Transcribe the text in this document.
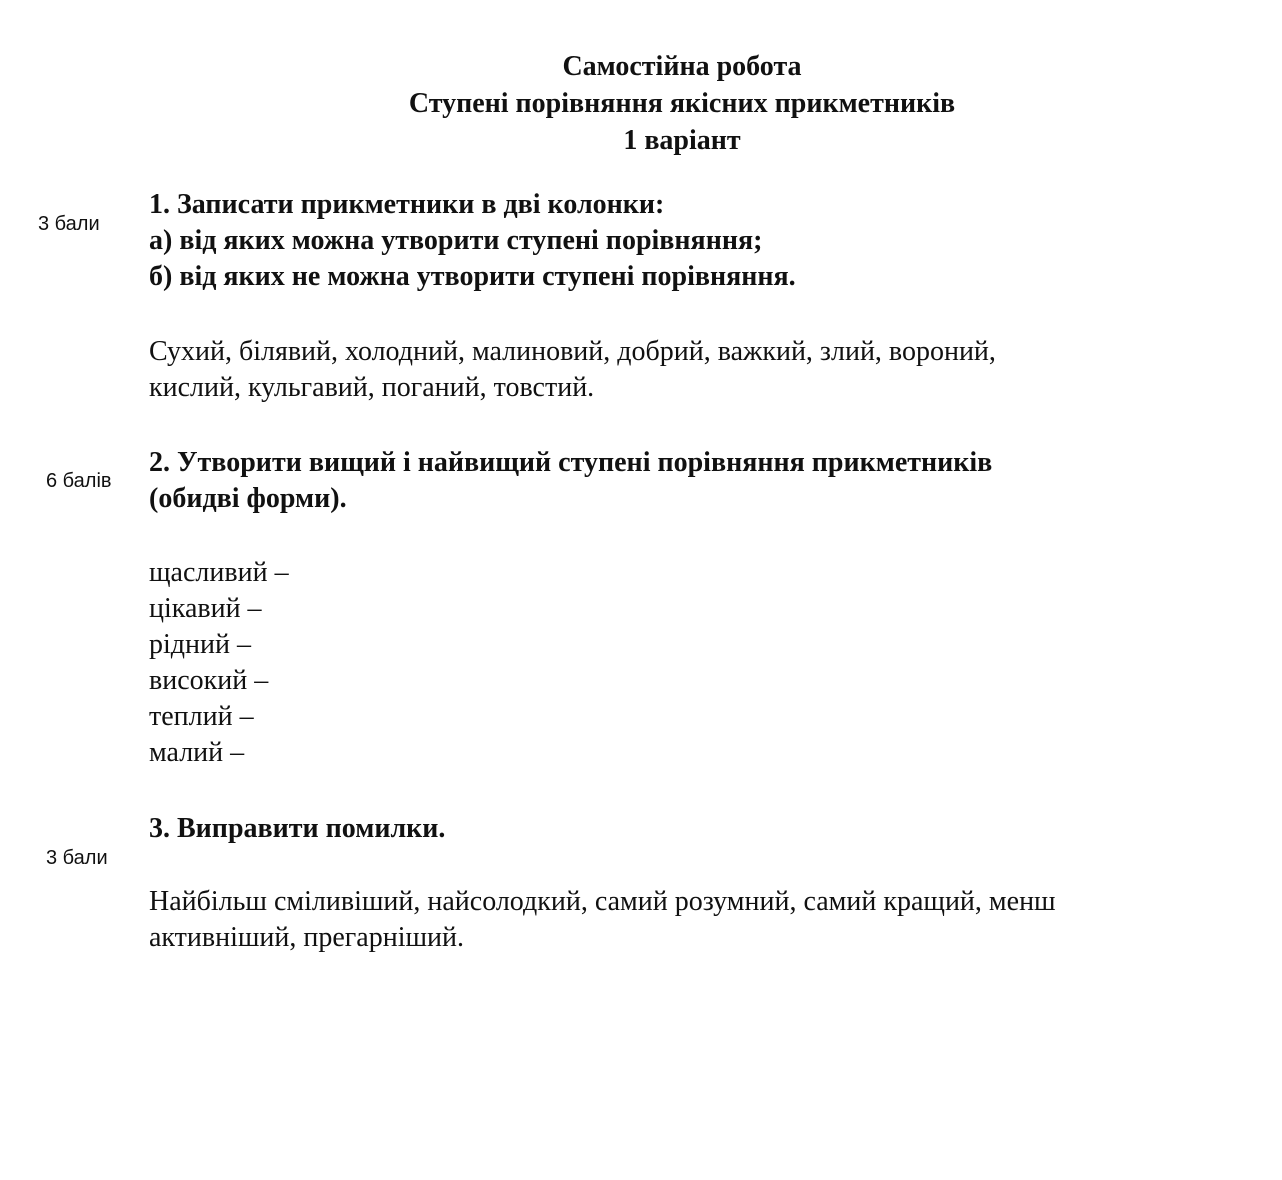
Самостійна робота
Ступені порівняння якісних прикметників
1 варіант
3 бали
1. Записати прикметники в дві колонки:
а) від яких можна утворити ступені порівняння;
б) від яких не можна утворити ступені порівняння.
Сухий, білявий, холодний, малиновий, добрий, важкий, злий, вороний,
кислий, кульгавий, поганий, товстий.
6 балів
2. Утворити вищий і найвищий ступені порівняння прикметників
(обидві форми).
щасливий –
цікавий –
рідний –
високий –
теплий –
малий –
3 бали
3. Виправити помилки.
Найбільш сміливіший, найсолодкий, самий розумний, самий кращий, менш
активніший, прегарніший.
